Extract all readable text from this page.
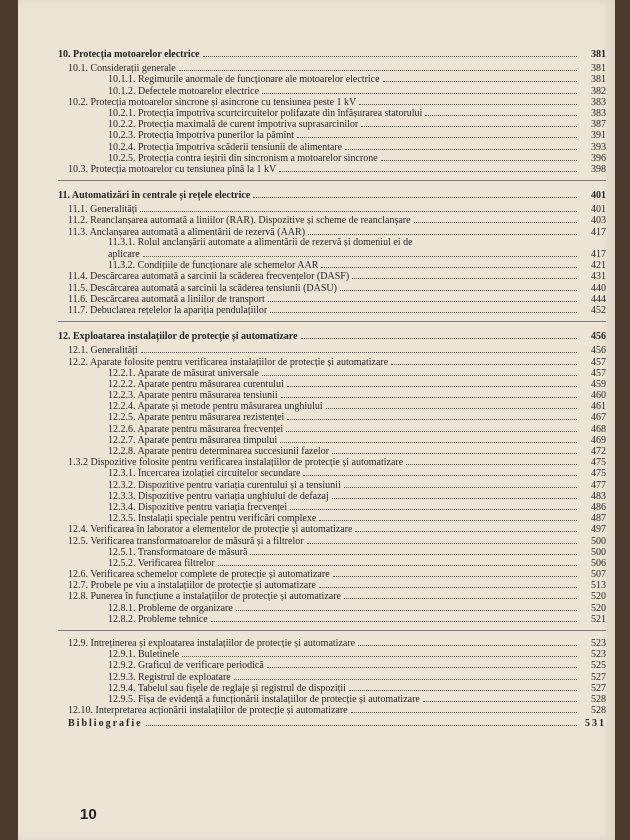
10. Protecția motoarelor electrice	381
10.1. Considerații generale	381
10.1.1. Regimurile anormale de funcționare ale motoarelor electrice	381
10.1.2. Defectele motoarelor electrice	382
10.2. Protecția motoarelor sincrone și asincrone cu tensiunea peste 1 kV	383
10.2.1. Protecția împotriva scurtcircuitelor polifazate din înfășurarea statorului	383
10.2.2. Protecția maximală de curent împotriva suprasarcinilor	387
10.2.3. Protecția împotriva punerilor la pămînt	391
10.2.4. Protecția împotriva scăderii tensiunii de alimentare	393
10.2.5. Protecția contra ieșirii din sincronism a motoarelor sincrone	396
10.3. Protecția motoarelor cu tensiunea pînă la 1 kV	398
11. Automatizări în centrale și rețele electrice	401
11.1. Generalități	401
11.2. Reanclanșarea automată a liniilor (RAR). Dispozitive și scheme de reanclanșare	403
11.3. Anclanșarea automată a alimentării de rezervă (AAR)	417
11.3.1. Rolul anclanșării automate a alimentării de rezervă și domeniul ei de
aplicare	417
11.3.2. Condițiile de funcționare ale schemelor AAR	421
11.4. Descărcarea automată a sarcinii la scăderea frecvențelor (DASF)	431
11.5. Descărcarea automată a sarcinii la scăderea tensiunii (DASU)	440
11.6. Descărcarea automată a liniilor de transport	444
11.7. Debuclarea rețelelor la apariția pendulațiilor	452
12. Exploatarea instalațiilor de protecție și automatizare	456
12.1. Generalități	456
12.2. Aparate folosite pentru verificarea instalațiilor de protecție și automatizare	457
12.2.1. Aparate de măsurat universale	457
12.2.2. Aparate pentru măsurarea curentului	459
12.2.3. Aparate pentru măsurarea tensiunii	460
12.2.4. Aparate și metode pentru măsurarea unghiului	461
12.2.5. Aparate pentru măsurarea rezistenței	467
12.2.6. Aparate pentru măsurarea frecvenței	468
12.2.7. Aparate pentru măsurarea timpului	469
12.2.8. Aparate pentru determinarea succesiunii fazelor	472
1.3.2 Dispozitive folosite pentru verificarea instalațiilor de protecție și automatizare	475
12.3.1. Încercarea izolației circuitelor secundare	475
12.3.2. Dispozitive pentru variația curentului și a tensiunii	477
12.3.3. Dispozitive pentru variația unghiului de defazaj	483
12.3.4. Dispozitive pentru variația frecvenței	486
12.3.5. Instalații speciale pentru verificări complexe	487
12.4. Verificarea în laborator a elementelor de protecție și automatizare	497
12.5. Verificarea transformatoarelor de măsură și a filtrelor	500
12.5.1. Transformatoare de măsură	500
12.5.2. Verificarea filtrelor	506
12.6. Verificarea schemelor complete de protecție și automatizare	507
12.7. Probele pe viu a instalațiilor de protecție și automatizare	513
12.8. Punerea în funcțiune a instalațiilor de protecție și automatizare	520
12.8.1. Probleme de organizare	520
12.8.2. Probleme tehnice	521
12.9. Întreținerea și exploatarea instalațiilor de protecție și automatizare	523
12.9.1. Buletinele	523
12.9.2. Graficul de verificare periodică	525
12.9.3. Registrul de exploatare	527
12.9.4. Tabelul sau fișele de reglaje și registrul de dispoziții	527
12.9.5. Fișa de evidență a funcționării instalațiilor de protecție și automatizare	528
12.10. Interpretarea acționării instalațiilor de protecție și automatizare	528
Bibliografie	531
10
